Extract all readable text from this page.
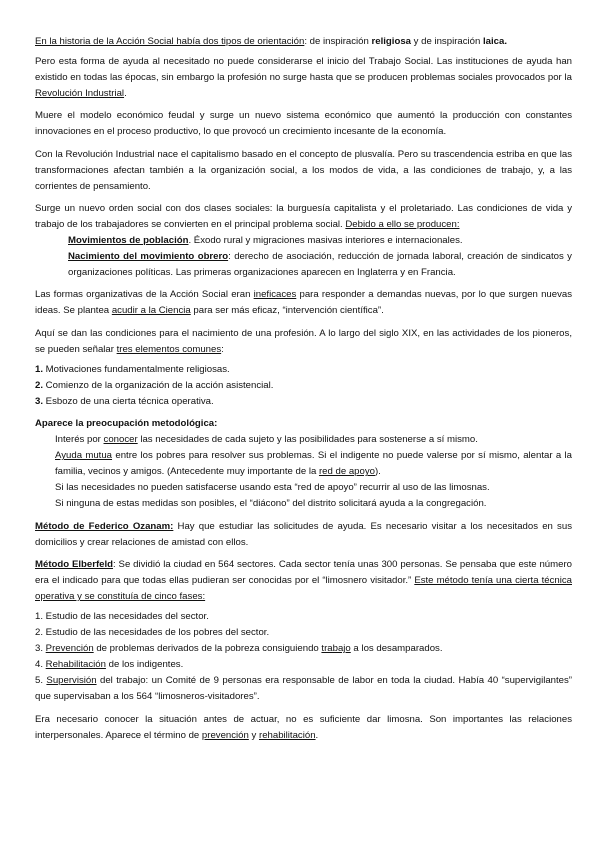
En la historia de la Acción Social había dos tipos de orientación: de inspiración religiosa y de inspiración laica.

Pero esta forma de ayuda al necesitado no puede considerarse el inicio del Trabajo Social. Las instituciones de ayuda han existido en todas las épocas, sin embargo la profesión no surge hasta que se producen problemas sociales provocados por la Revolución Industrial.

Muere el modelo económico feudal y surge un nuevo sistema económico que aumentó la producción con constantes innovaciones en el proceso productivo, lo que provocó un crecimiento incesante de la economía.

Con la Revolución Industrial nace el capitalismo basado en el concepto de plusvalía. Pero su trascendencia estriba en que las transformaciones afectan también a la organización social, a los modos de vida, a las condiciones de trabajo, y, a las corrientes de pensamiento.

Surge un nuevo orden social con dos clases sociales: la burguesía capitalista y el proletariado. Las condiciones de vida y trabajo de los trabajadores se convierten en el principal problema social. Debido a ello se producen:

Movimientos de población. Éxodo rural y migraciones masivas interiores e internacionales.

Nacimiento del movimiento obrero: derecho de asociación, reducción de jornada laboral, creación de sindicatos y organizaciones políticas. Las primeras organizaciones aparecen en Inglaterra y en Francia.

Las formas organizativas de la Acción Social eran ineficaces para responder a demandas nuevas, por lo que surgen nuevas ideas. Se plantea acudir a la Ciencia para ser más eficaz, “intervención científica”.

Aquí se dan las condiciones para el nacimiento de una profesión. A lo largo del siglo XIX, en las actividades de los pioneros, se pueden señalar tres elementos comunes:

1. Motivaciones fundamentalmente religiosas.

2. Comienzo de la organización de la acción asistencial.

3. Esbozo de una cierta técnica operativa.

Aparece la preocupación metodológica:

Interés por conocer las necesidades de cada sujeto y las posibilidades para sostenerse a sí mismo.

Ayuda mutua entre los pobres para resolver sus problemas. Si el indigente no puede valerse por sí mismo, alentar a la familia, vecinos y amigos. (Antecedente muy importante de la red de apoyo).

Si las necesidades no pueden satisfacerse usando esta “red de apoyo” recurrir al uso de las limosnas.

Si ninguna de estas medidas son posibles, el “diácono” del distrito solicitará ayuda a la congregación.

Método de Federico Ozanam: Hay que estudiar las solicitudes de ayuda. Es necesario visitar a los necesitados en sus domicilios y crear relaciones de amistad con ellos.

Método Elberfeld: Se dividió la ciudad en 564 sectores. Cada sector tenía unas 300 personas. Se pensaba que este número era el indicado para que todas ellas pudieran ser conocidas por el “limosnero visitador.” Este método tenía una cierta técnica operativa y se constituía de cinco fases:

1. Estudio de las necesidades del sector.

2. Estudio de las necesidades de los pobres del sector.

3. Prevención de problemas derivados de la pobreza consiguiendo trabajo a los desamparados.

4. Rehabilitación de los indigentes.

5. Supervisión del trabajo: un Comité de 9 personas era responsable de labor en toda la ciudad. Había 40 “supervigilantes” que supervisaban a los 564 “limosneros-visitadores”.

Era necesario conocer la situación antes de actuar, no es suficiente dar limosna. Son importantes las relaciones interpersonales. Aparece el término de prevención y rehabilitación.
